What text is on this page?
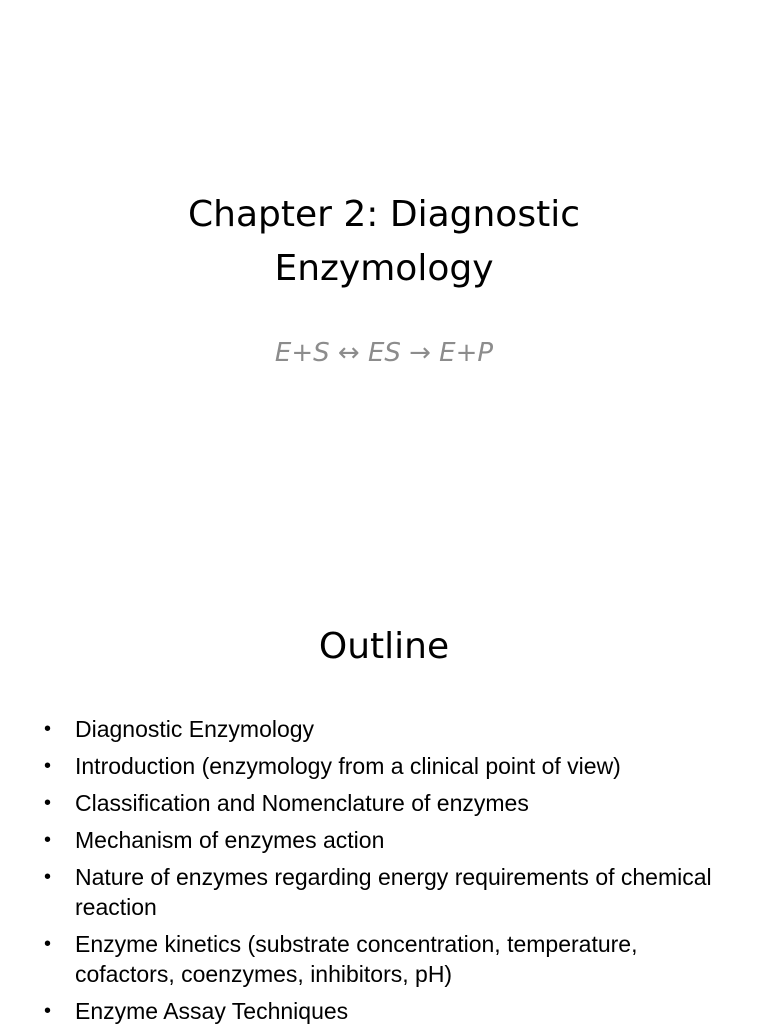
Chapter 2: Diagnostic
Enzymology
E+S ↔ ES → E+P
Outline
• Diagnostic Enzymology
• Introduction (enzymology from a clinical point of view)
• Classification and Nomenclature of enzymes
• Mechanism of enzymes action
• Nature of enzymes regarding energy requirements of chemical reaction
• Enzyme kinetics (substrate concentration, temperature, cofactors, coenzymes, inhibitors, pH)
• Enzyme Assay Techniques
